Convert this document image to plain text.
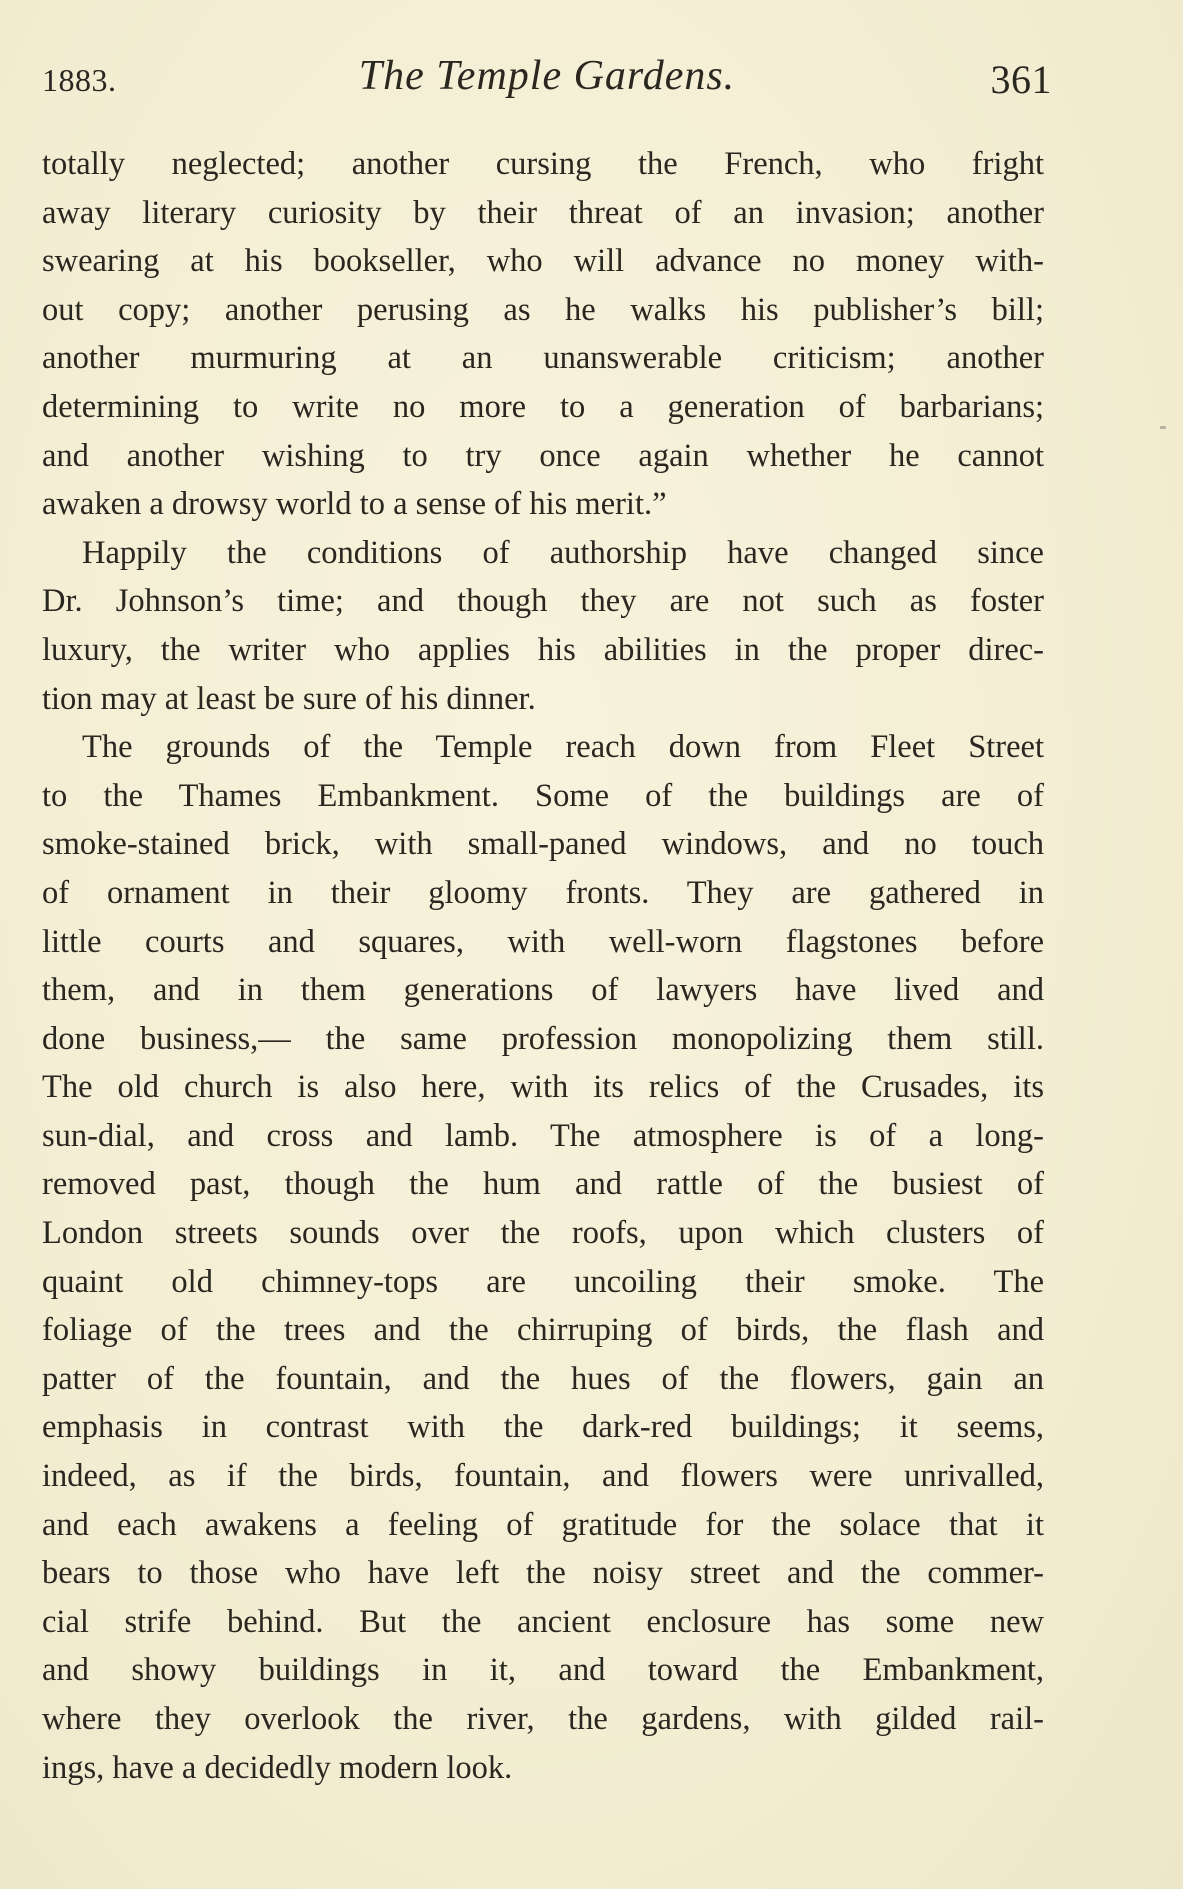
1883.	The Temple Gardens.	361
totally neglected; another cursing the French, who fright
away literary curiosity by their threat of an invasion; another
swearing at his bookseller, who will advance no money with-
out copy; another perusing as he walks his publisher’s bill;
another murmuring at an unanswerable criticism; another
determining to write no more to a generation of barbarians;
and another wishing to try once again whether he cannot
awaken a drowsy world to a sense of his merit.”
Happily the conditions of authorship have changed since
Dr. Johnson’s time; and though they are not such as foster
luxury, the writer who applies his abilities in the proper direc-
tion may at least be sure of his dinner.
The grounds of the Temple reach down from Fleet Street
to the Thames Embankment. Some of the buildings are of
smoke-stained brick, with small-paned windows, and no touch
of ornament in their gloomy fronts. They are gathered in
little courts and squares, with well-worn flagstones before
them, and in them generations of lawyers have lived and
done business,— the same profession monopolizing them still.
The old church is also here, with its relics of the Crusades, its
sun-dial, and cross and lamb. The atmosphere is of a long-
removed past, though the hum and rattle of the busiest of
London streets sounds over the roofs, upon which clusters of
quaint old chimney-tops are uncoiling their smoke. The
foliage of the trees and the chirruping of birds, the flash and
patter of the fountain, and the hues of the flowers, gain an
emphasis in contrast with the dark-red buildings; it seems,
indeed, as if the birds, fountain, and flowers were unrivalled,
and each awakens a feeling of gratitude for the solace that it
bears to those who have left the noisy street and the commer-
cial strife behind. But the ancient enclosure has some new
and showy buildings in it, and toward the Embankment,
where they overlook the river, the gardens, with gilded rail-
ings, have a decidedly modern look.
